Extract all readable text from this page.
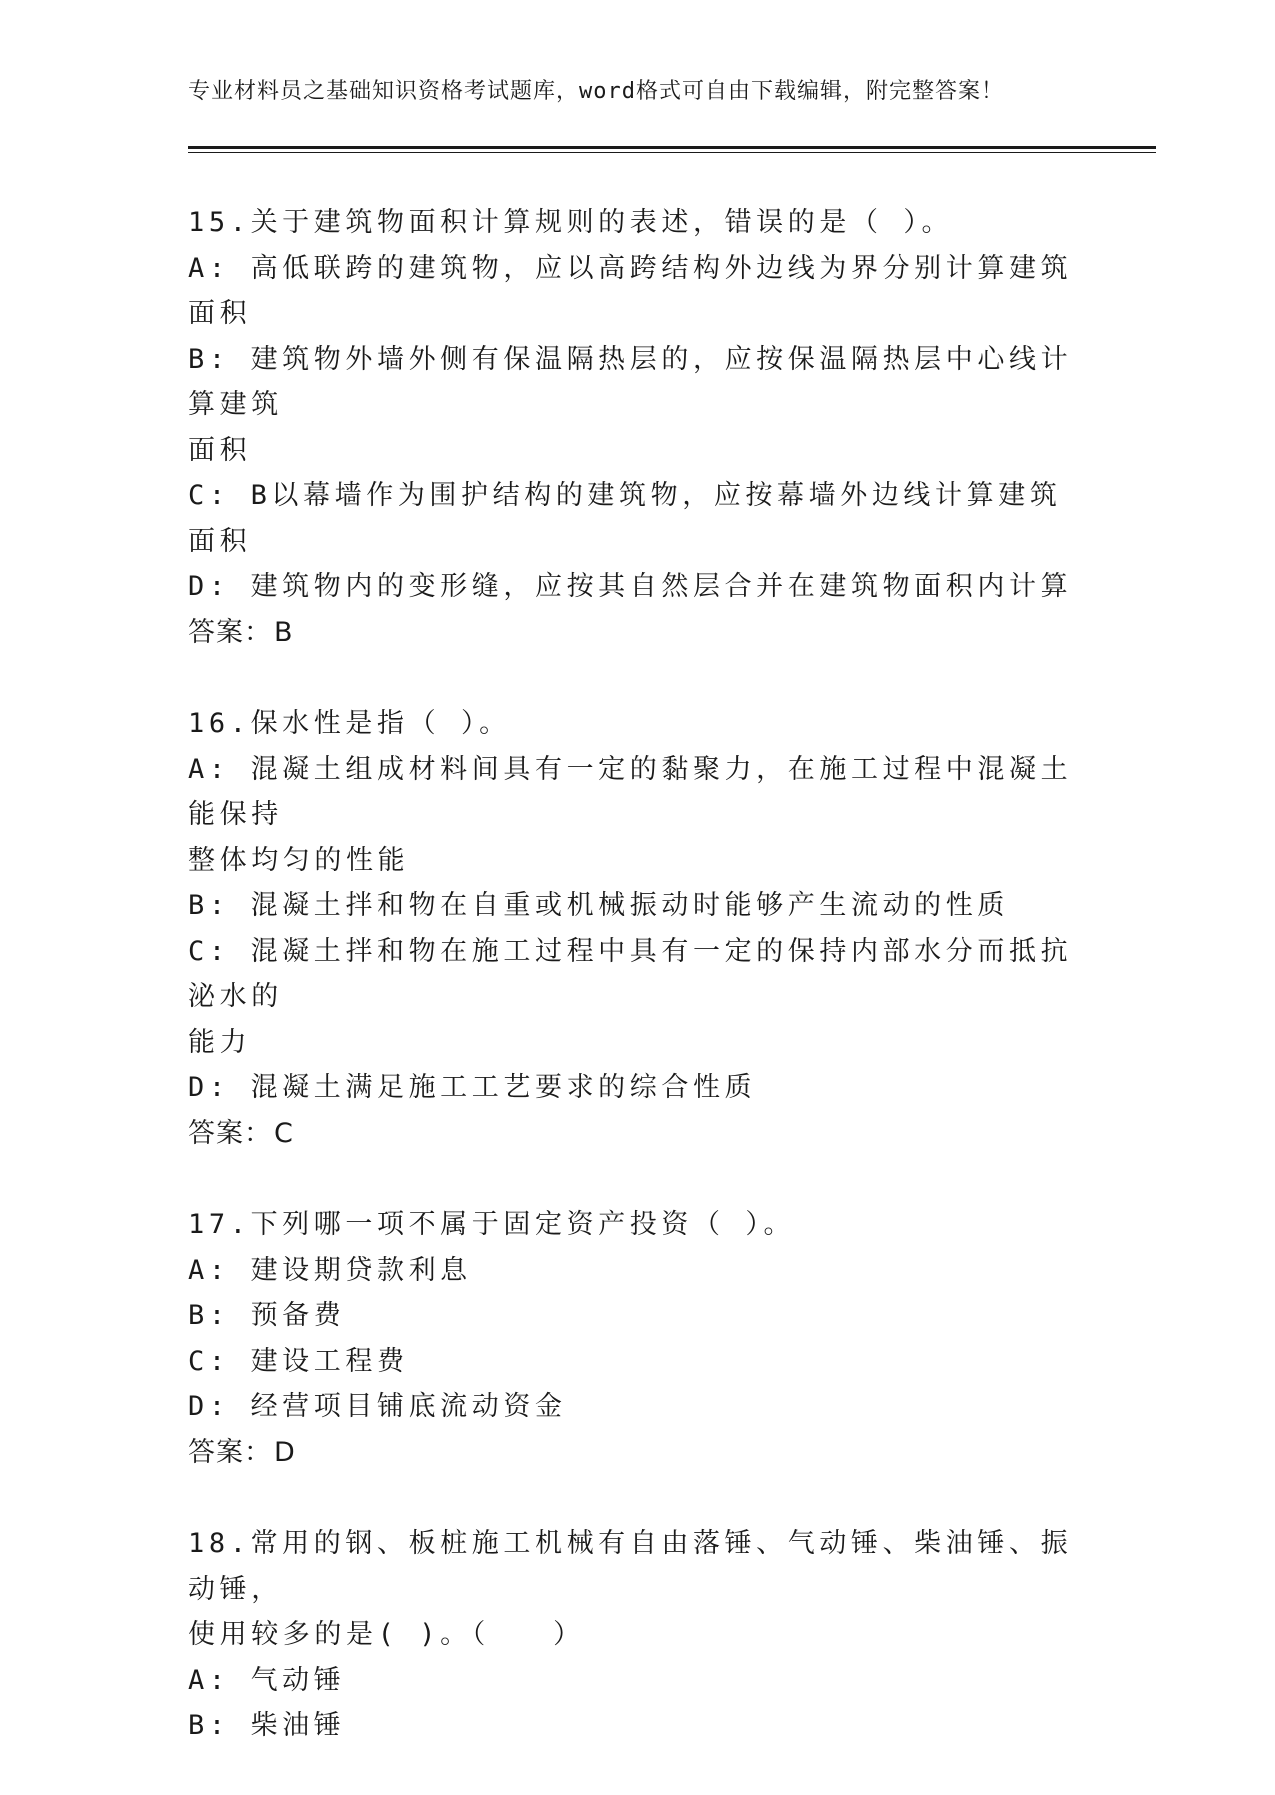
专业材料员之基础知识资格考试题库，word格式可自由下载编辑，附完整答案！

15.关于建筑物面积计算规则的表述，错误的是（ ）。

A: 高低联跨的建筑物，应以高跨结构外边线为界分别计算建筑面积

B: 建筑物外墙外侧有保温隔热层的，应按保温隔热层中心线计算建筑

面积

C: B以幕墙作为围护结构的建筑物，应按幕墙外边线计算建筑面积

D: 建筑物内的变形缝，应按其自然层合并在建筑物面积内计算

答案：B

16.保水性是指（ ）。

A: 混凝土组成材料间具有一定的黏聚力，在施工过程中混凝土能保持

整体均匀的性能

B: 混凝土拌和物在自重或机械振动时能够产生流动的性质

C: 混凝土拌和物在施工过程中具有一定的保持内部水分而抵抗泌水的

能力

D: 混凝土满足施工工艺要求的综合性质

答案：C

17.下列哪一项不属于固定资产投资（ ）。

A: 建设期贷款利息

B: 预备费

C: 建设工程费

D: 经营项目铺底流动资金

答案：D

18.常用的钢、板桩施工机械有自由落锤、气动锤、柴油锤、振动锤，

使用较多的是( )。（　　）

A: 气动锤

B: 柴油锤
